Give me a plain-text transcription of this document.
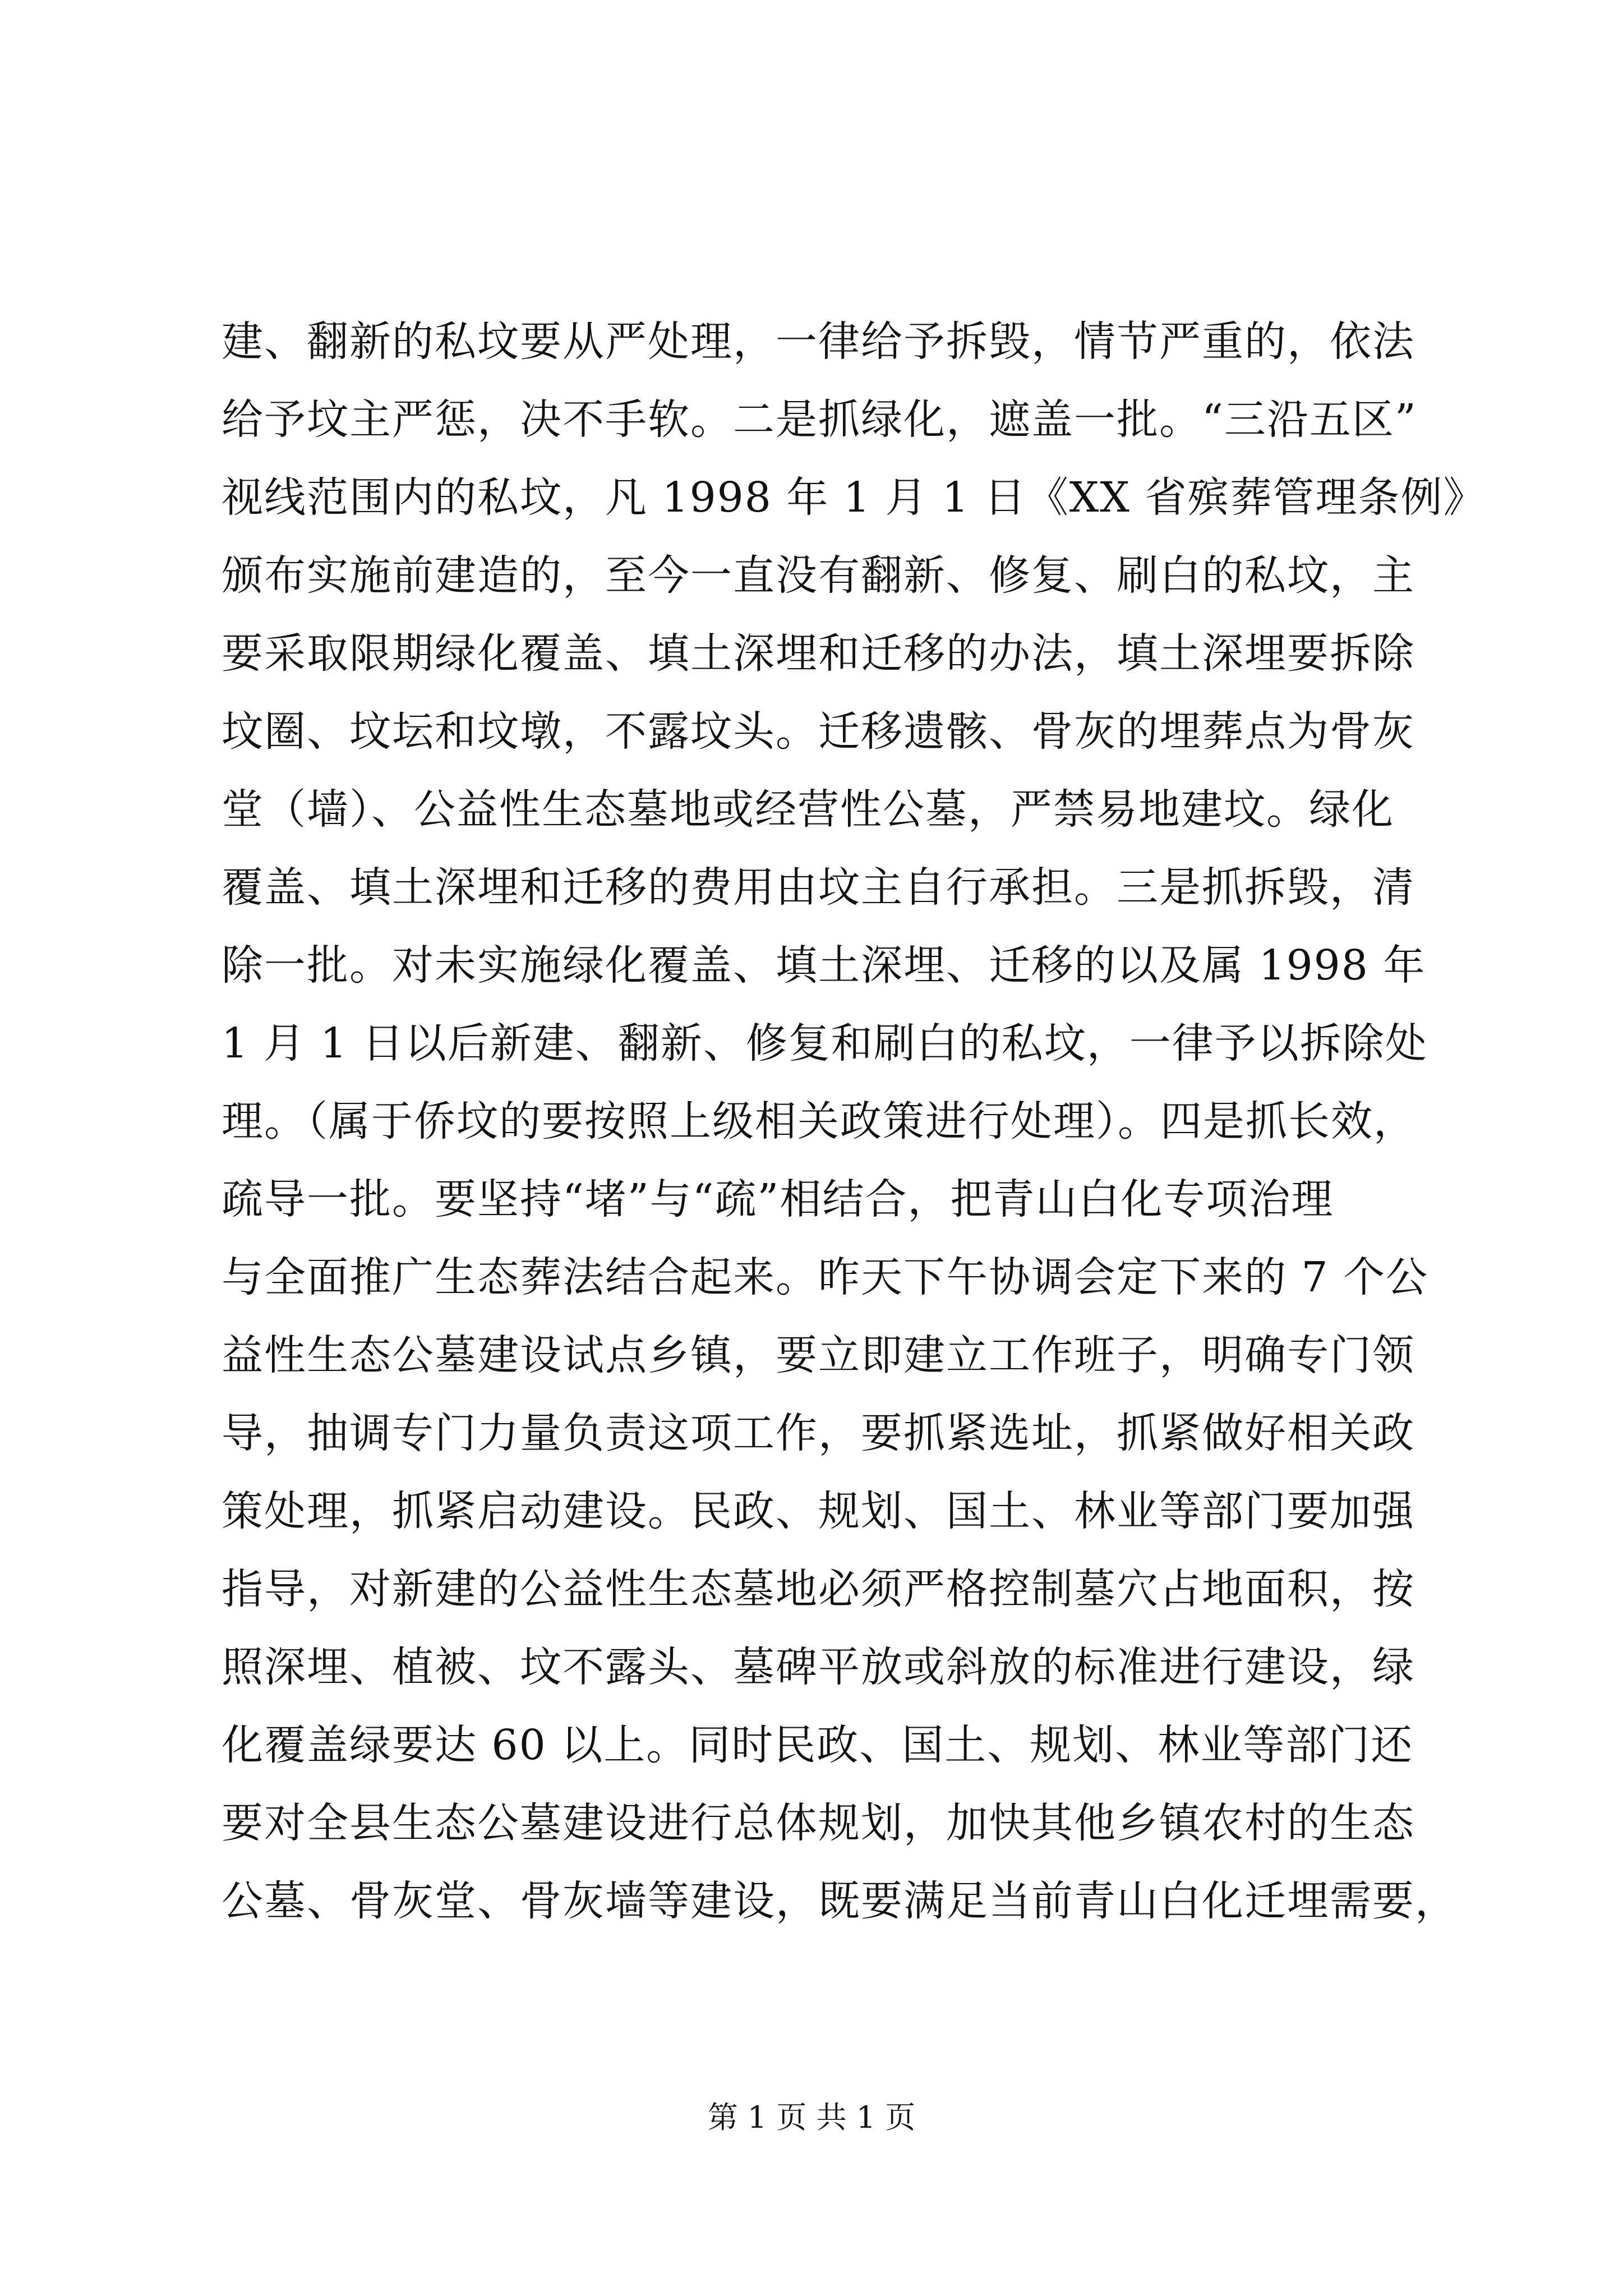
建、翻新的私坟要从严处理，一律给予拆毁，情节严重的，依法
给予坟主严惩，决不手软。二是抓绿化，遮盖一批。“三沿五区”
视线范围内的私坟，凡 1998 年 1 月 1 日《XX 省殡葬管理条例》
颁布实施前建造的，至今一直没有翻新、修复、刷白的私坟，主
要采取限期绿化覆盖、填土深埋和迁移的办法，填土深埋要拆除
坟圈、坟坛和坟墩，不露坟头。迁移遗骸、骨灰的埋葬点为骨灰
堂（墙）、公益性生态墓地或经营性公墓，严禁易地建坟。绿化
覆盖、填土深埋和迁移的费用由坟主自行承担。三是抓拆毁，清
除一批。对未实施绿化覆盖、填土深埋、迁移的以及属 1998 年
1 月 1 日以后新建、翻新、修复和刷白的私坟，一律予以拆除处
理。（属于侨坟的要按照上级相关政策进行处理）。四是抓长效，
疏导一批。要坚持“堵”与“疏”相结合，把青山白化专项治理
与全面推广生态葬法结合起来。昨天下午协调会定下来的 7 个公
益性生态公墓建设试点乡镇，要立即建立工作班子，明确专门领
导，抽调专门力量负责这项工作，要抓紧选址，抓紧做好相关政
策处理，抓紧启动建设。民政、规划、国土、林业等部门要加强
指导，对新建的公益性生态墓地必须严格控制墓穴占地面积，按
照深埋、植被、坟不露头、墓碑平放或斜放的标准进行建设，绿
化覆盖绿要达 60 以上。同时民政、国土、规划、林业等部门还
要对全县生态公墓建设进行总体规划，加快其他乡镇农村的生态
公墓、骨灰堂、骨灰墙等建设，既要满足当前青山白化迁埋需要，
第 1 页 共 1 页
